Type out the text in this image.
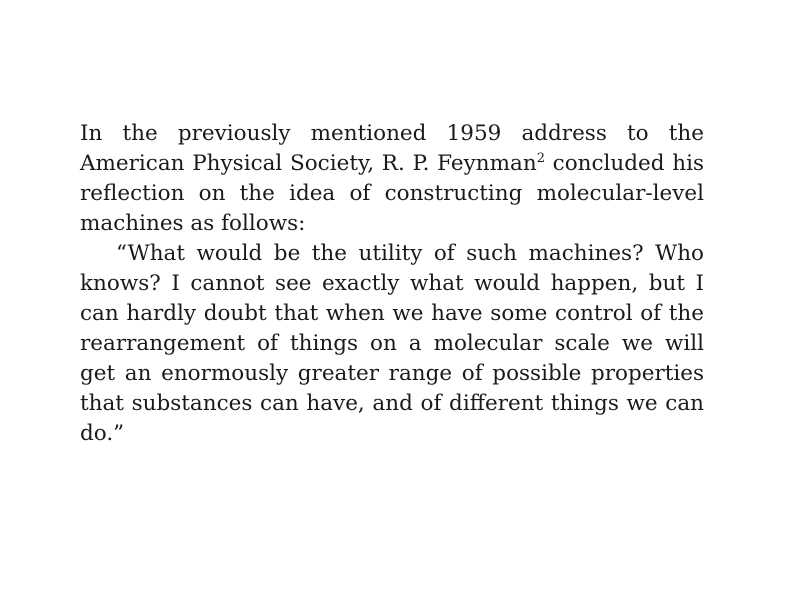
In the previously mentioned 1959 address to the American Physical Society, R. P. Feynman$^2$ concluded his reflection on the idea of constructing molecular-level machines as follows:

“What would be the utility of such machines? Who knows? I cannot see exactly what would happen, but I can hardly doubt that when we have some control of the rearrangement of things on a molecular scale we will get an enormously greater range of possible properties that substances can have, and of different things we can do.”
